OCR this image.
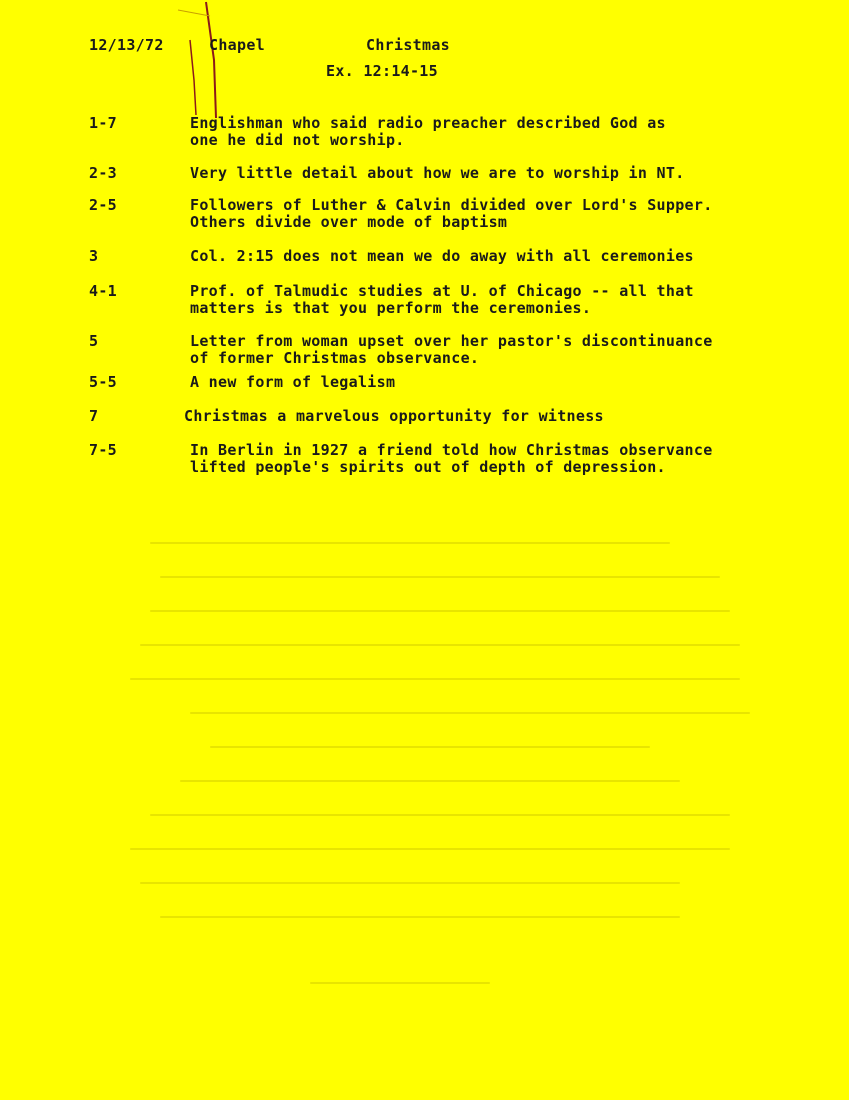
12/13/72	Chapel	Christmas
Ex. 12:14-15
1-7	Englishman who said radio preacher described God as
one he did not worship.
2-3	Very little detail about how we are to worship in NT.
2-5	Followers of Luther & Calvin divided over Lord's Supper.
Others divide over mode of baptism
3	Col. 2:15 does not mean we do away with all ceremonies
4-1	Prof. of Talmudic studies at U. of Chicago -- all that
matters is that you perform the ceremonies.
5	Letter from woman upset over her pastor's discontinuance
of former Christmas observance.
5-5	A new form of legalism
7	Christmas a marvelous opportunity for witness
7-5	In Berlin in 1927 a friend told how Christmas observance
lifted people's spirits out of depth of depression.
